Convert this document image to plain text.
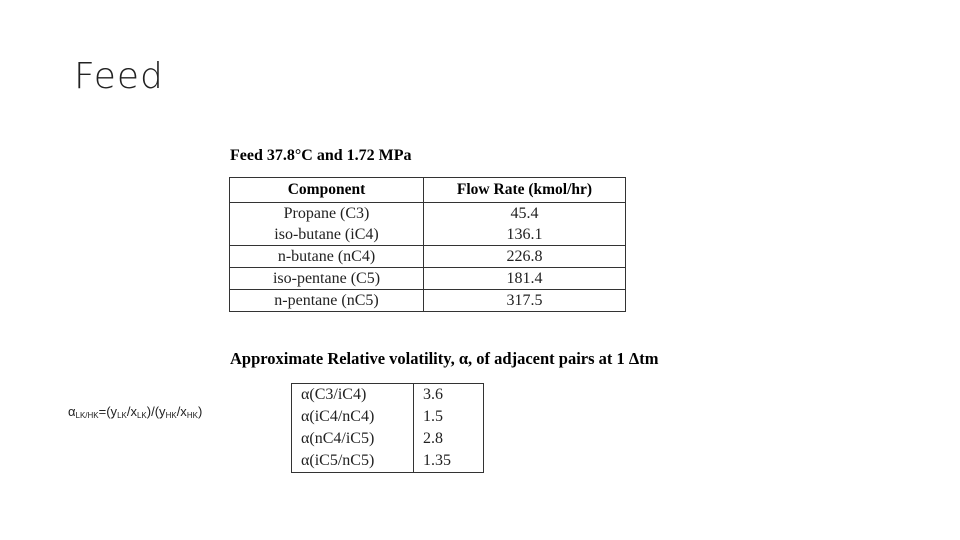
Feed
Feed 37.8°C and 1.72 MPa
Component	Flow Rate (kmol/hr)
Propane (C3)	45.4
iso-butane (iC4)	136.1
n-butane (nC4)	226.8
iso-pentane (C5)	181.4
n-pentane (nC5)	317.5
Approximate Relative volatility, α, of adjacent pairs at 1 Δtm
α(C3/iC4)	3.6
α(iC4/nC4)	1.5
α(nC4/iC5)	2.8
α(iC5/nC5)	1.35
$\alpha_{LK/HK}=(y_{LK}/x_{LK})/(y_{HK}/x_{HK})$
